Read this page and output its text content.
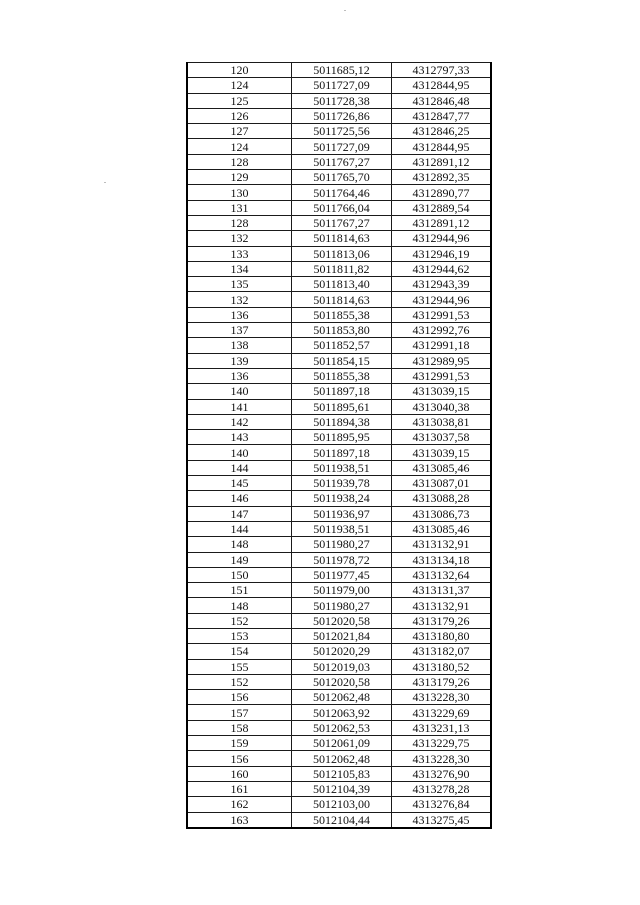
120	5011685,12	4312797,33
124	5011727,09	4312844,95
125	5011728,38	4312846,48
126	5011726,86	4312847,77
127	5011725,56	4312846,25
124	5011727,09	4312844,95
128	5011767,27	4312891,12
129	5011765,70	4312892,35
130	5011764,46	4312890,77
131	5011766,04	4312889,54
128	5011767,27	4312891,12
132	5011814,63	4312944,96
133	5011813,06	4312946,19
134	5011811,82	4312944,62
135	5011813,40	4312943,39
132	5011814,63	4312944,96
136	5011855,38	4312991,53
137	5011853,80	4312992,76
138	5011852,57	4312991,18
139	5011854,15	4312989,95
136	5011855,38	4312991,53
140	5011897,18	4313039,15
141	5011895,61	4313040,38
142	5011894,38	4313038,81
143	5011895,95	4313037,58
140	5011897,18	4313039,15
144	5011938,51	4313085,46
145	5011939,78	4313087,01
146	5011938,24	4313088,28
147	5011936,97	4313086,73
144	5011938,51	4313085,46
148	5011980,27	4313132,91
149	5011978,72	4313134,18
150	5011977,45	4313132,64
151	5011979,00	4313131,37
148	5011980,27	4313132,91
152	5012020,58	4313179,26
153	5012021,84	4313180,80
154	5012020,29	4313182,07
155	5012019,03	4313180,52
152	5012020,58	4313179,26
156	5012062,48	4313228,30
157	5012063,92	4313229,69
158	5012062,53	4313231,13
159	5012061,09	4313229,75
156	5012062,48	4313228,30
160	5012105,83	4313276,90
161	5012104,39	4313278,28
162	5012103,00	4313276,84
163	5012104,44	4313275,45
